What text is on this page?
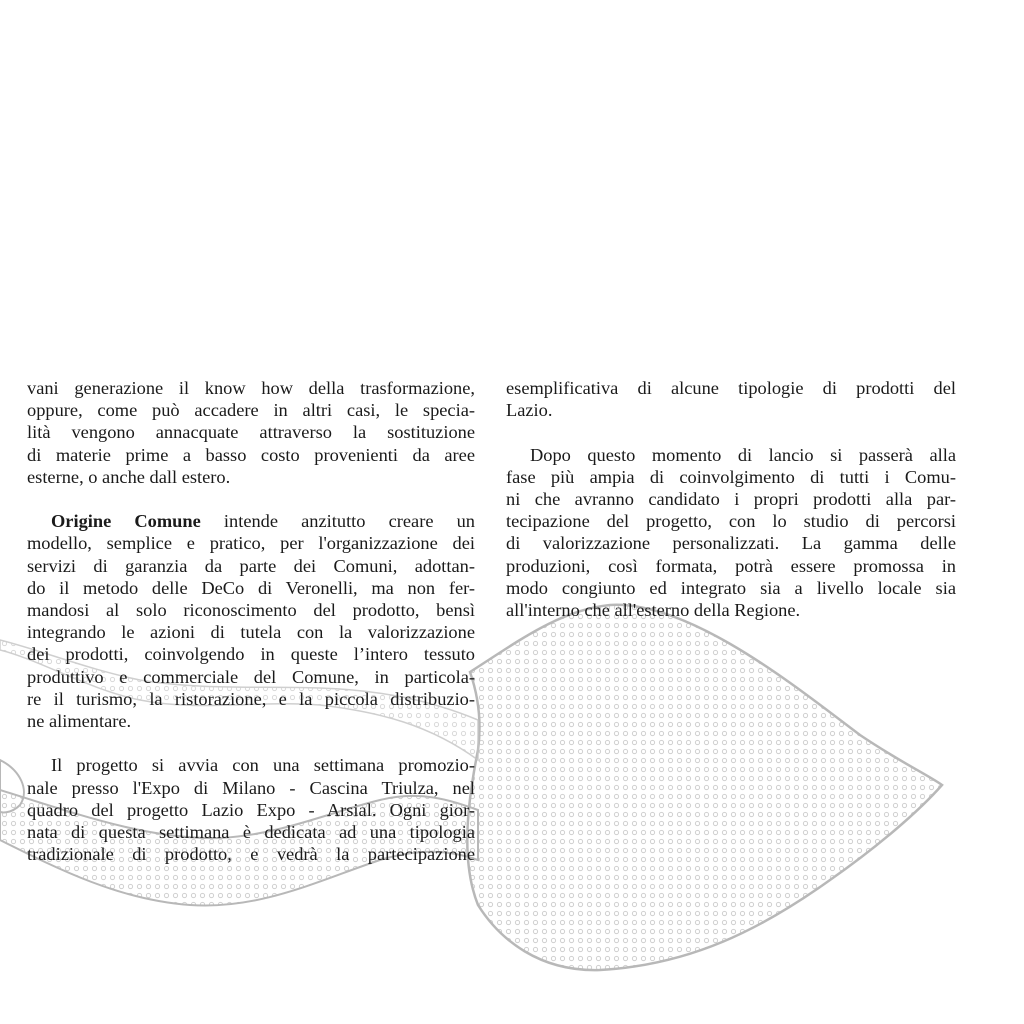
vani generazione il know how della trasformazione,
oppure, come può accadere in altri casi, le specia-
lità vengono annacquate attraverso la sostituzione
di materie prime a basso costo provenienti da aree
esterne, o anche dall estero.
Origine Comune intende anzitutto creare un
modello, semplice e pratico, per l'organizzazione dei
servizi di garanzia da parte dei Comuni, adottan-
do il metodo delle DeCo di Veronelli, ma non fer-
mandosi al solo riconoscimento del prodotto, bensì
integrando le azioni di tutela con la valorizzazione
dei prodotti, coinvolgendo in queste l’intero tessuto
produttivo e commerciale del Comune, in particola-
re il turismo, la ristorazione, e la piccola distribuzio-
ne alimentare.
Il progetto si avvia con una settimana promozio-
nale presso l'Expo di Milano - Cascina Triulza, nel
quadro del progetto Lazio Expo - Arsial. Ogni gior-
nata di questa settimana è dedicata ad una tipologia
tradizionale di prodotto, e vedrà la partecipazione
esemplificativa di alcune tipologie di prodotti del
Lazio.
Dopo questo momento di lancio si passerà alla
fase più ampia di coinvolgimento di tutti i Comu-
ni che avranno candidato i propri prodotti alla par-
tecipazione del progetto, con lo studio di percorsi
di valorizzazione personalizzati. La gamma delle
produzioni, così formata, potrà essere promossa in
modo congiunto ed integrato sia a livello locale sia
all'interno che all'esterno della Regione.
